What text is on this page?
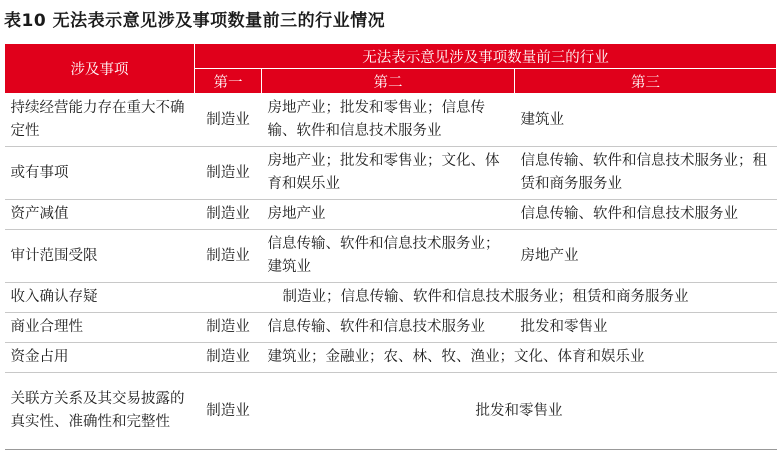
表10 无法表示意见涉及事项数量前三的行业情况
涉及事项	无法表示意见涉及事项数量前三的行业		
	第一	第二	第三
持续经营能力存在重大不确定性	制造业	房地产业；批发和零售业；信息传输、软件和信息技术服务业	建筑业
或有事项	制造业	房地产业；批发和零售业；文化、体育和娱乐业	信息传输、软件和信息技术服务业；租赁和商务服务业
资产减值	制造业	房地产业	信息传输、软件和信息技术服务业
审计范围受限	制造业	信息传输、软件和信息技术服务业；建筑业	房地产业
收入确认存疑	制造业；信息传输、软件和信息技术服务业；租赁和商务服务业		
商业合理性	制造业	信息传输、软件和信息技术服务业	批发和零售业
资金占用	制造业	建筑业；金融业；农、林、牧、渔业；文化、体育和娱乐业	
关联方关系及其交易披露的真实性、准确性和完整性	制造业	批发和零售业	
